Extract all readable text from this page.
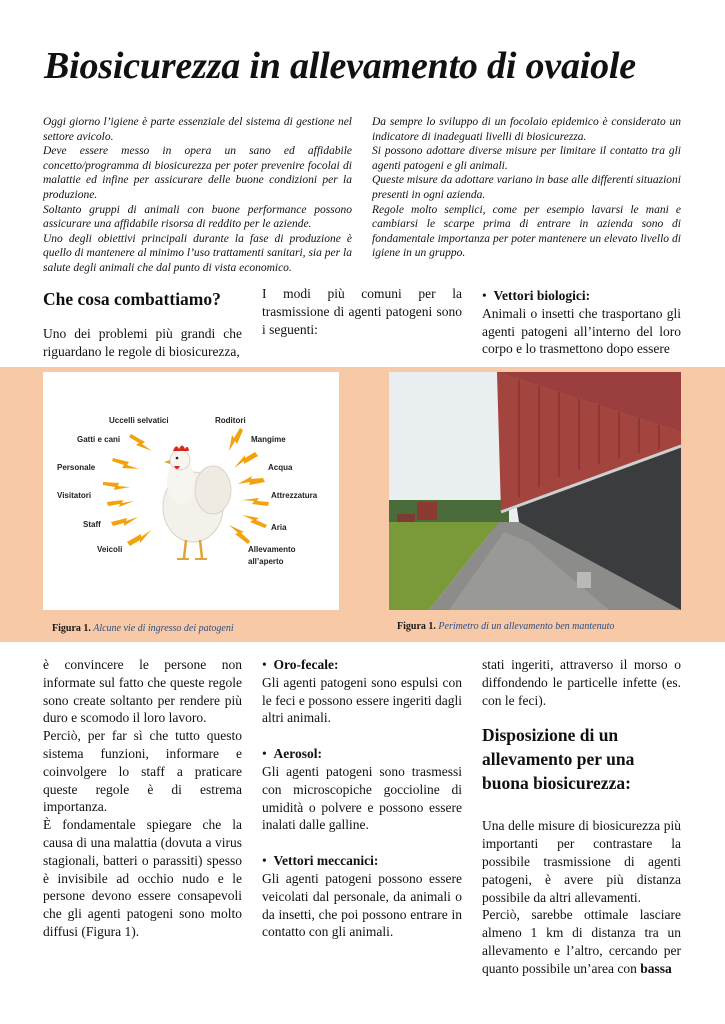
Biosicurezza in allevamento di ovaiole

Oggi giorno l’igiene è parte essenziale del sistema di gestione nel settore avicolo.

Deve essere messo in opera un sano ed affidabile concetto/programma di biosicurezza per poter prevenire focolai di malattie ed infine per assicurare delle buone condizioni per la produzione.

Soltanto gruppi di animali con buone performance possono assicurare una affidabile risorsa di reddito per le aziende.

Uno degli obiettivi principali durante la fase di produzione è quello di mantenere al minimo l’uso trattamenti sanitari, sia per la salute degli animali che dal punto di vista economico.

Da sempre lo sviluppo di un focolaio epidemico è considerato un indicatore di inadeguati livelli di biosicurezza.

Si possono adottare diverse misure per limitare il contatto tra gli agenti patogeni e gli animali.

Queste misure da adottare variano in base alle differenti situazioni presenti in ogni azienda.

Regole molto semplici, come per esempio lavarsi le mani e cambiarsi le scarpe prima di entrare in azienda sono di fondamentale importanza per poter mantenere un elevato livello di igiene in un gruppo.

Che cosa combattiamo?

Uno dei problemi più grandi che riguardano le regole di biosicurezza,

I modi più comuni per la trasmissione di agenti patogeni sono i seguenti:

•  Vettori biologici:

Animali o insetti che trasportano gli agenti patogeni all’interno del loro corpo e lo trasmettono dopo essere

Uccelli selvatici	Roditori
Gatti e cani	Mangime
Personale	Acqua
Visitatori	Attrezzatura
Staff	Aria
Veicoli	Allevamento
all’aperto
Figura 1. Alcune vie di ingresso dei patogeni	Figura 1. Perimetro di un allevamento ben mantenuto

è convincere le persone non informate sul fatto che queste regole sono create soltanto per rendere più duro e scomodo il loro lavoro.

Perciò, per far sì che tutto questo sistema funzioni, informare e coinvolgere lo staff a praticare queste regole è di estrema importanza.

È fondamentale spiegare che la causa di una malattia (dovuta a virus stagionali, batteri o parassiti) spesso è invisibile ad occhio nudo e le persone devono essere consapevoli che gli agenti patogeni sono molto diffusi (Figura 1).

•  Oro-fecale:

Gli agenti patogeni sono espulsi con le feci e possono essere ingeriti dagli altri animali.

•  Aerosol:

Gli agenti patogeni sono trasmessi con microscopiche goccioline di umidità o polvere e possono essere inalati dalle galline.

•  Vettori meccanici:

Gli agenti patogeni possono essere veicolati dal personale, da animali o da insetti, che poi possono entrare in contatto con gli animali.

stati ingeriti, attraverso il morso o diffondendo le particelle infette (es. con le feci).

Disposizione di un allevamento per una buona biosicurezza:

Una delle misure di biosicurezza più importanti per contrastare la possibile trasmissione di agenti patogeni, è avere più distanza possibile da altri allevamenti.

Perciò, sarebbe ottimale lasciare almeno 1 km di distanza tra un allevamento e l’altro, cercando per quanto possibile un’area con bassa
